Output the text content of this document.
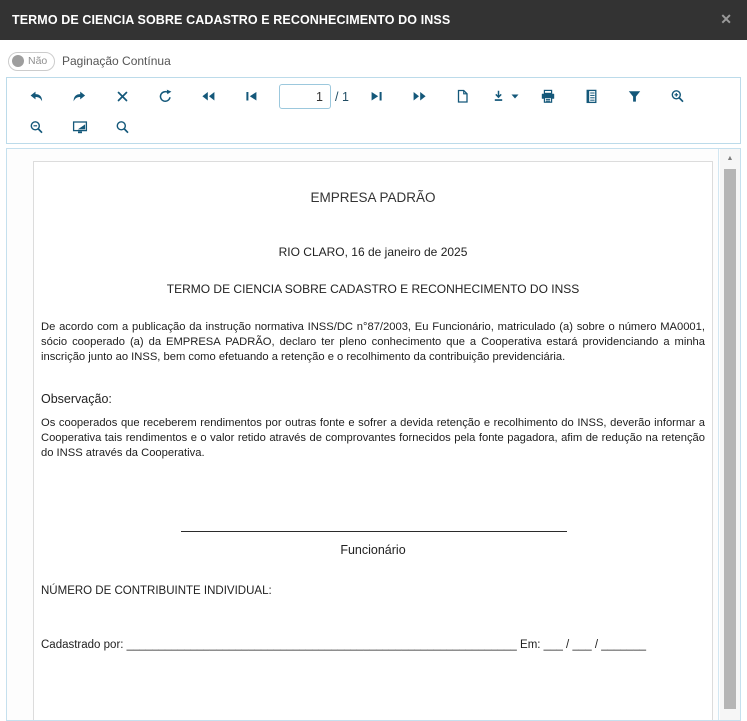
TERMO DE CIENCIA SOBRE CADASTRO E RECONHECIMENTO DO INSS	✕
Não Paginação Contínua
1
/ 1
EMPRESA PADRÃO
RIO CLARO, 16 de janeiro de 2025
TERMO DE CIENCIA SOBRE CADASTRO E RECONHECIMENTO DO INSS
De acordo com a publicação da instrução normativa INSS/DC n°87/2003, Eu Funcionário, matriculado (a) sobre o número MA0001, sócio cooperado (a) da EMPRESA PADRÃO, declaro ter pleno conhecimento que a Cooperativa estará providenciando a minha inscrição junto ao INSS, bem como efetuando a retenção e o recolhimento da contribuição previdenciária.
Observação:
Os cooperados que receberem rendimentos por outras fonte e sofrer a devida retenção e recolhimento do INSS, deverão informar a Cooperativa tais rendimentos e o valor retido através de comprovantes fornecidos pela fonte pagadora, afim de redução na retenção do INSS através da Cooperativa.
Funcionário
NÚMERO DE CONTRIBUINTE INDIVIDUAL:
Cadastrado por: _____________________________________________________________ Em: ___ / ___ / _______
▲
